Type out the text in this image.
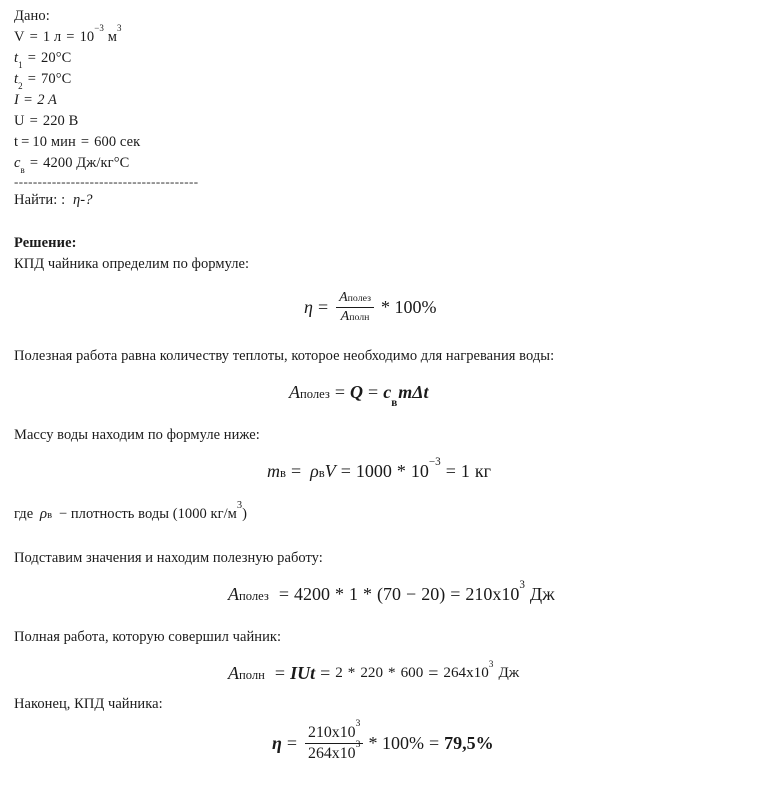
Дано:
V = 1 $л = 10^{-3}$ $м^3$
$t_1 = 20^\circ C$
$t_2 = 70^\circ C$
I = 2 A
U = 220 В
t = 10 мин = 600 сек
$c_в = 4200$ Дж/кг°С
---------------------------------------
Найти: : η-?
Решение:
КПД чайника определим по формуле:
$\eta = \frac{\text{Aполез}}{\text{Aполн}} * 100\%$
Полезная работа равна количеству теплоты, которое необходимо для нагревания воды:
Aполез = $Q = c_вm\Delta t$
Массу воды находим по формуле ниже:
mв = $\rho вV = 1000 * 10^{-3} = 1$ кг
где ρв − плотность воды (1000 $кг/м^3$)
Подставим значения и находим полезную работу:
Aполез = $4200 * 1 * (70 - 20) = 210x10^3$ Дж
Полная работа, которую совершил чайник:
Aполн = IUt = $2 * 220 * 600 = 264x10^3Дж$
Наконец, КПД чайника:
$\eta = \frac{210x10^3}{264x10^3} * 100\% = 79,5\%$
